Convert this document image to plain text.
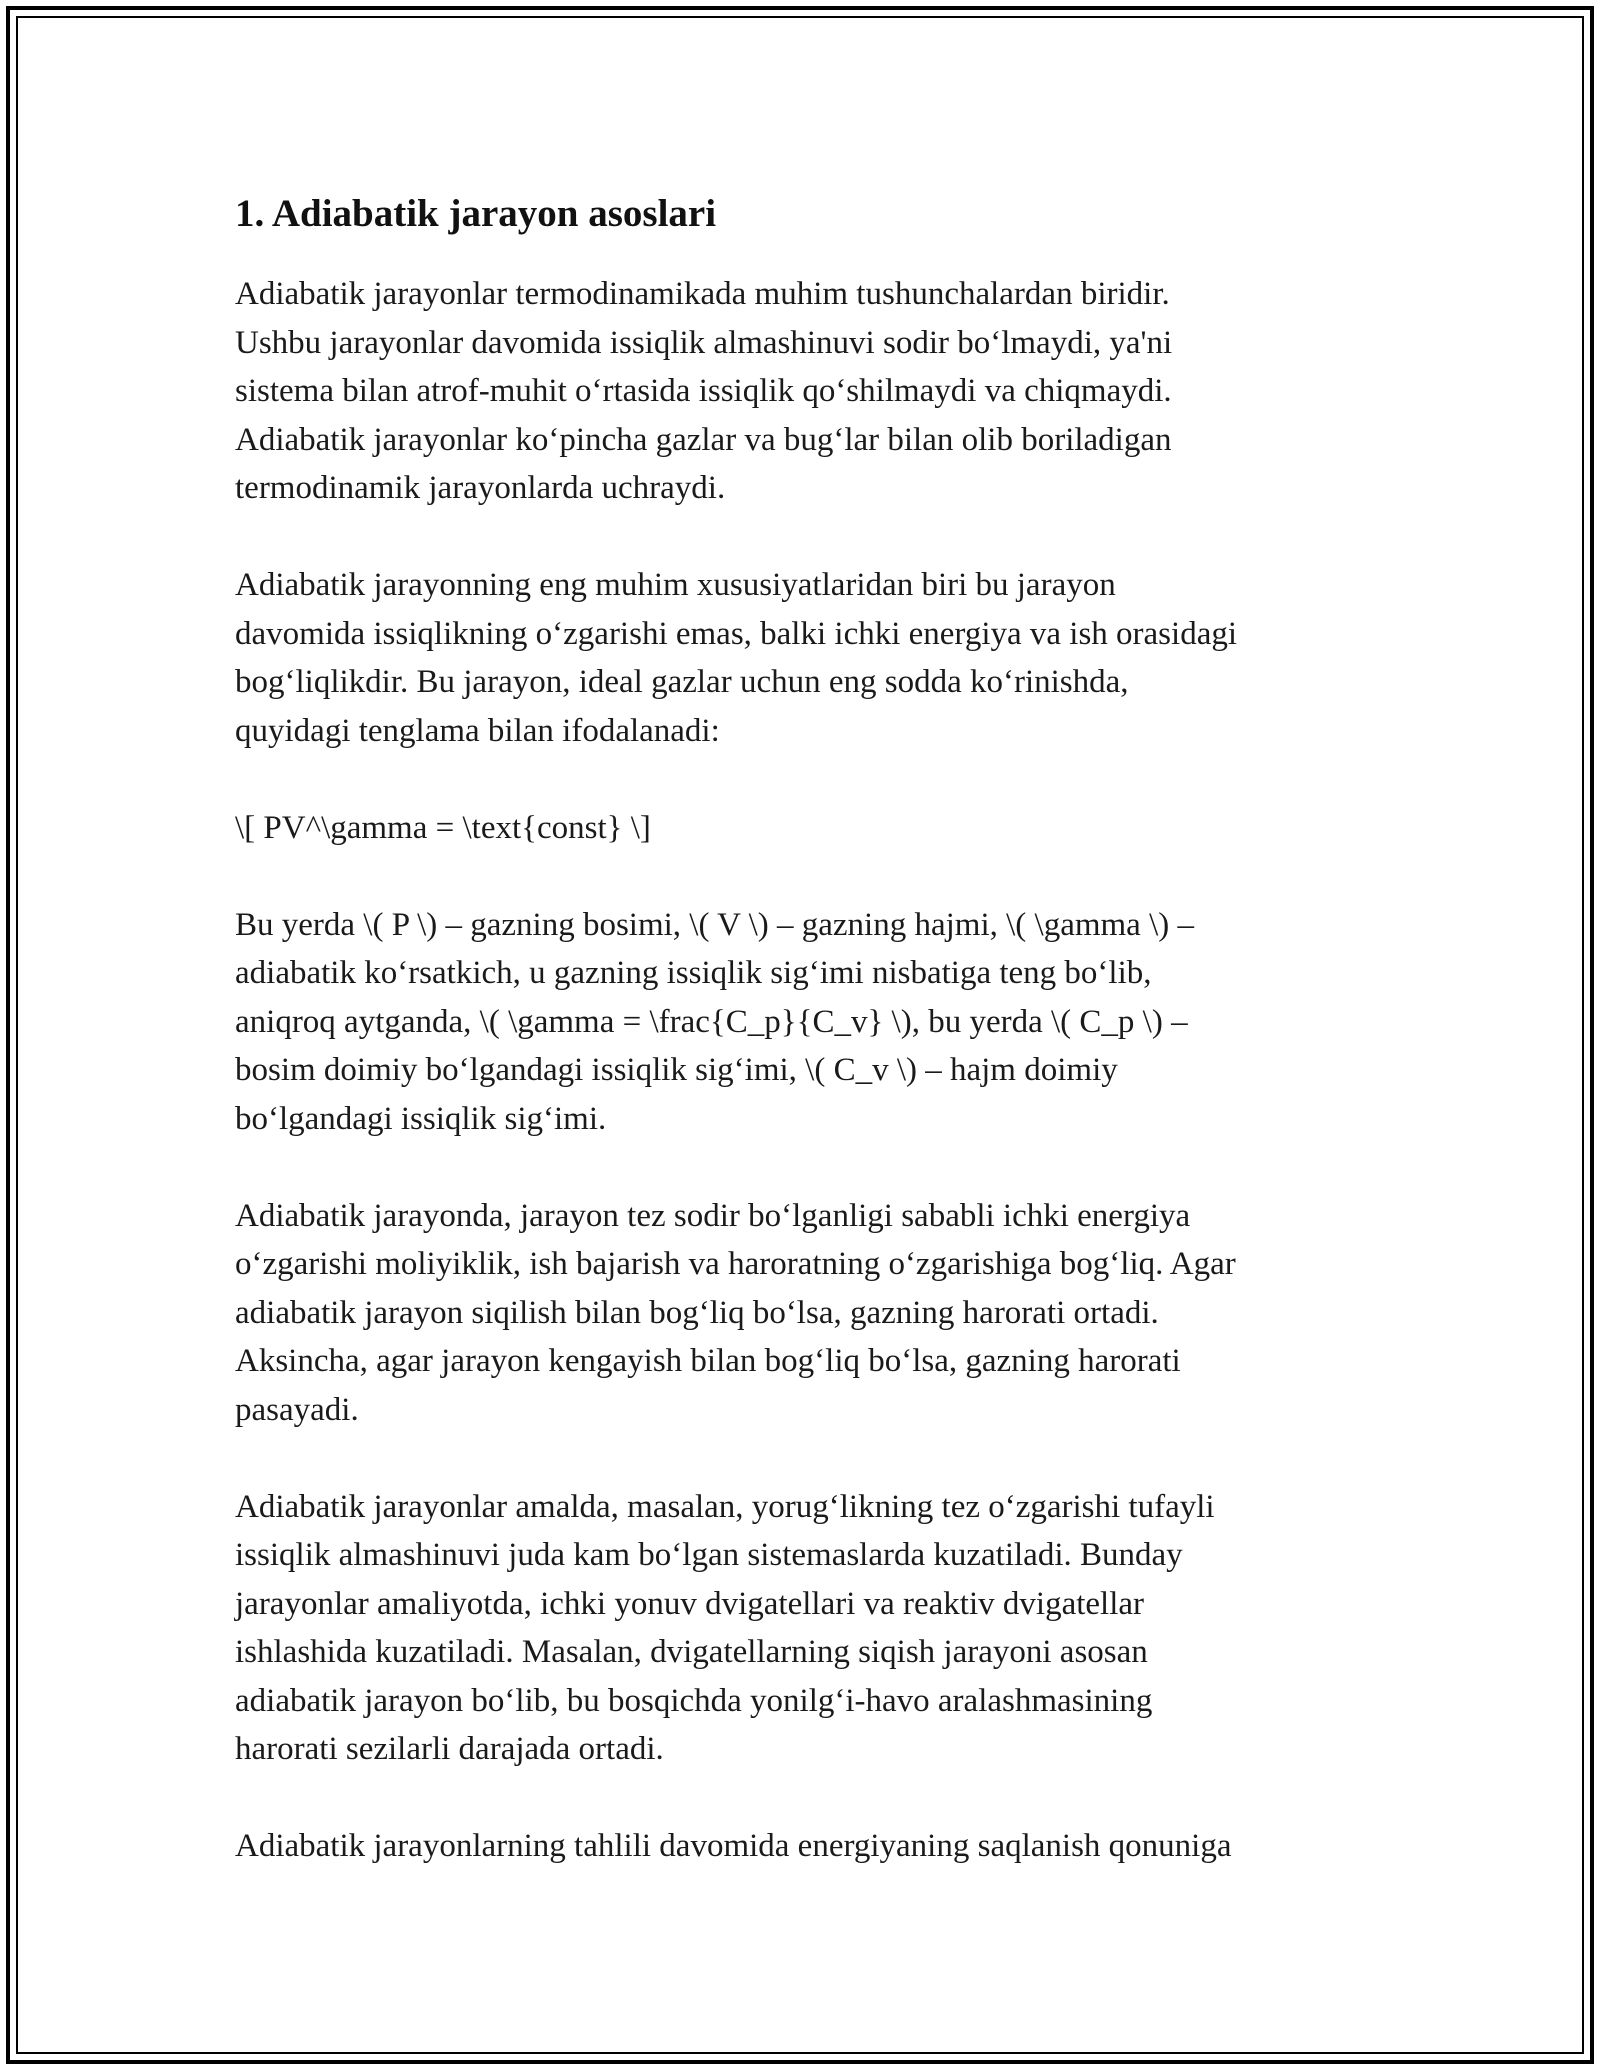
1. Adiabatik jarayon asoslari

Adiabatik jarayonlar termodinamikada muhim tushunchalardan biridir.
Ushbu jarayonlar davomida issiqlik almashinuvi sodir bo‘lmaydi, ya'ni
sistema bilan atrof-muhit o‘rtasida issiqlik qo‘shilmaydi va chiqmaydi.
Adiabatik jarayonlar ko‘pincha gazlar va bug‘lar bilan olib boriladigan
termodinamik jarayonlarda uchraydi.

Adiabatik jarayonning eng muhim xususiyatlaridan biri bu jarayon
davomida issiqlikning o‘zgarishi emas, balki ichki energiya va ish orasidagi
bog‘liqlikdir. Bu jarayon, ideal gazlar uchun eng sodda ko‘rinishda,
quyidagi tenglama bilan ifodalanadi:

\[ PV^\gamma = \text{const} \]

Bu yerda \( P \) – gazning bosimi, \( V \) – gazning hajmi, \( \gamma \) –
adiabatik ko‘rsatkich, u gazning issiqlik sig‘imi nisbatiga teng bo‘lib,
aniqroq aytganda, \( \gamma = \frac{C_p}{C_v} \), bu yerda \( C_p \) –
bosim doimiy bo‘lgandagi issiqlik sig‘imi, \( C_v \) – hajm doimiy
bo‘lgandagi issiqlik sig‘imi.

Adiabatik jarayonda, jarayon tez sodir bo‘lganligi sababli ichki energiya
o‘zgarishi moliyiklik, ish bajarish va haroratning o‘zgarishiga bog‘liq. Agar
adiabatik jarayon siqilish bilan bog‘liq bo‘lsa, gazning harorati ortadi.
Aksincha, agar jarayon kengayish bilan bog‘liq bo‘lsa, gazning harorati
pasayadi.

Adiabatik jarayonlar amalda, masalan, yorug‘likning tez o‘zgarishi tufayli
issiqlik almashinuvi juda kam bo‘lgan sistemaslarda kuzatiladi. Bunday
jarayonlar amaliyotda, ichki yonuv dvigatellari va reaktiv dvigatellar
ishlashida kuzatiladi. Masalan, dvigatellarning siqish jarayoni asosan
adiabatik jarayon bo‘lib, bu bosqichda yonilg‘i-havo aralashmasining
harorati sezilarli darajada ortadi.

Adiabatik jarayonlarning tahlili davomida energiyaning saqlanish qonuniga
